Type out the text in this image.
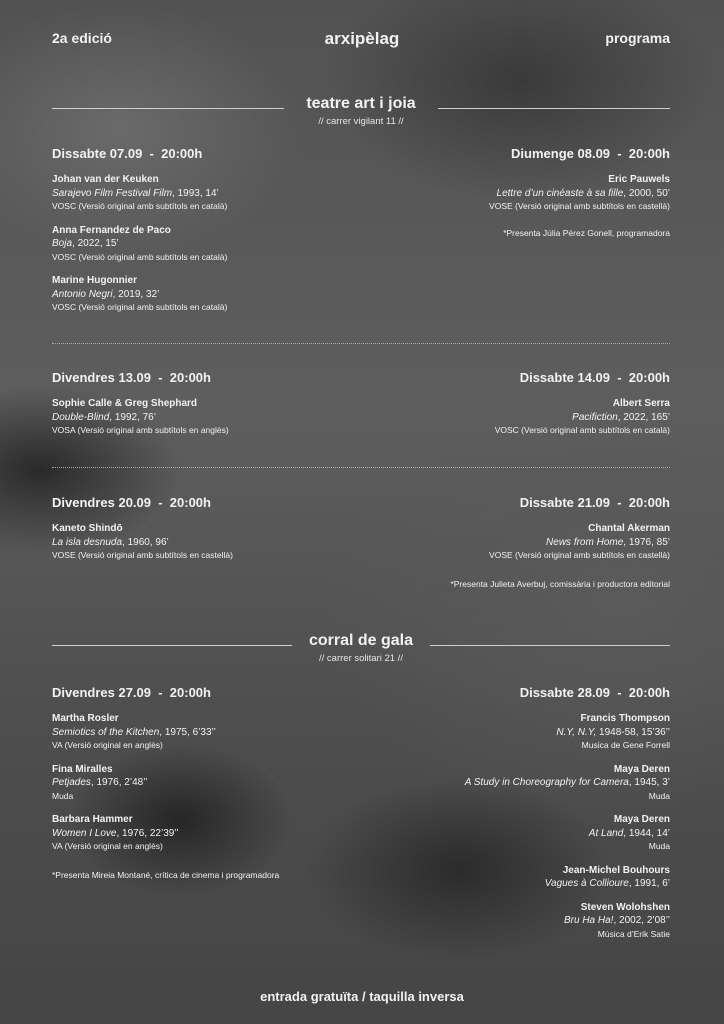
2a edició	arxipèlag	programa
teatre art i joia
// carrer vigilant 11 //
Dissabte 07.09  -  20:00h
Johan van der Keuken
Sarajevo Film Festival Film, 1993, 14’
VOSC (Versió original amb subtítols en català)
Anna Fernandez de Paco
Boja, 2022, 15’
VOSC (Versió original amb subtítols en català)
Marine Hugonnier
Antonio Negri, 2019, 32’
VOSC (Versió original amb subtítols en català)
Diumenge 08.09  -  20:00h
Eric Pauwels
Lettre d’un cinéaste à sa fille, 2000, 50’
VOSE (Versió original amb subtítols en castellà)
*Presenta Júlia Pérez Gonell, programadora
Divendres 13.09  -  20:00h
Sophie Calle & Greg Shephard
Double-Blind, 1992, 76’
VOSA (Versió original amb subtítols en anglès)
Dissabte 14.09  -  20:00h
Albert Serra
Pacifiction, 2022, 165’
VOSC (Versió original amb subtítols en català)
Divendres 20.09  -  20:00h
Kaneto Shindō
La isla desnuda, 1960, 96’
VOSE (Versió original amb subtítols en castellà)
Dissabte 21.09  -  20:00h
Chantal Akerman
News from Home, 1976, 85’
VOSE (Versió original amb subtítols en castellà)
*Presenta Julieta Averbuj, comissària i productora editorial
corral de gala
// carrer solitari 21 //
Divendres 27.09  -  20:00h
Martha Rosler
Semiotics of the Kitchen, 1975, 6’33’’
VA (Versió original en anglès)
Fina Miralles
Petjades, 1976, 2’48’’
Muda
Barbara Hammer
Women I Love, 1976, 22’39’’
VA (Versió original en anglès)
*Presenta Mireia Montané, crítica de cinema i programadora
Dissabte 28.09  -  20:00h
Francis Thompson
N.Y, N.Y, 1948-58, 15’36’’
Musica de Gene Forrell
Maya Deren
A Study in Choreography for Camera, 1945, 3’
Muda
Maya Deren
At Land, 1944, 14’
Muda
Jean-Michel Bouhours
Vagues à Collioure, 1991, 6’
Steven Wolohshen
Bru Ha Ha!, 2002, 2’08’’
Música d’Erik Satie
entrada gratuïta / taquilla inversa
